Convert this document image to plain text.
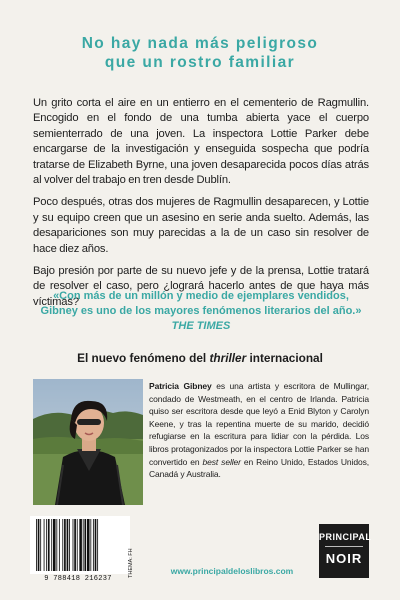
No hay nada más peligroso
que un rostro familiar

Un grito corta el aire en un entierro en el cementerio de Ragmullin. Encogido en el fondo de una tumba abierta yace el cuerpo semienterrado de una joven. La inspectora Lottie Parker debe encargarse de la investigación y enseguida sospecha que podría tratarse de Elizabeth Byrne, una joven desaparecida pocos días atrás al volver del trabajo en tren desde Dublín.

Poco después, otras dos mujeres de Ragmullin desaparecen, y Lottie y su equipo creen que un asesino en serie anda suelto. Además, las desapariciones son muy parecidas a la de un caso sin resolver de hace diez años.

Bajo presión por parte de su nuevo jefe y de la prensa, Lottie tratará de resolver el caso, pero ¿logrará hacerlo antes de que haya más víctimas?

«Con más de un millón y medio de ejemplares vendidos, Gibney es uno de los mayores fenómenos literarios del año.»
THE TIMES
El nuevo fenómeno del thriller internacional
Patricia Gibney es una artista y escritora de Mullingar, condado de Westmeath, en el centro de Irlanda. Patricia quiso ser escritora desde que leyó a Enid Blyton y Carolyn Keene, y tras la repentina muerte de su marido, decidió refugiarse en la escritura para lidiar con la pérdida. Los libros protagonizados por la inspectora Lottie Parker se han convertido en best seller en Reino Unido, Estados Unidos, Canadá y Australia.
9 788418 216237
THEMA: FH	www.principaldeloslibros.com
PRINCIPAL
NOIR
